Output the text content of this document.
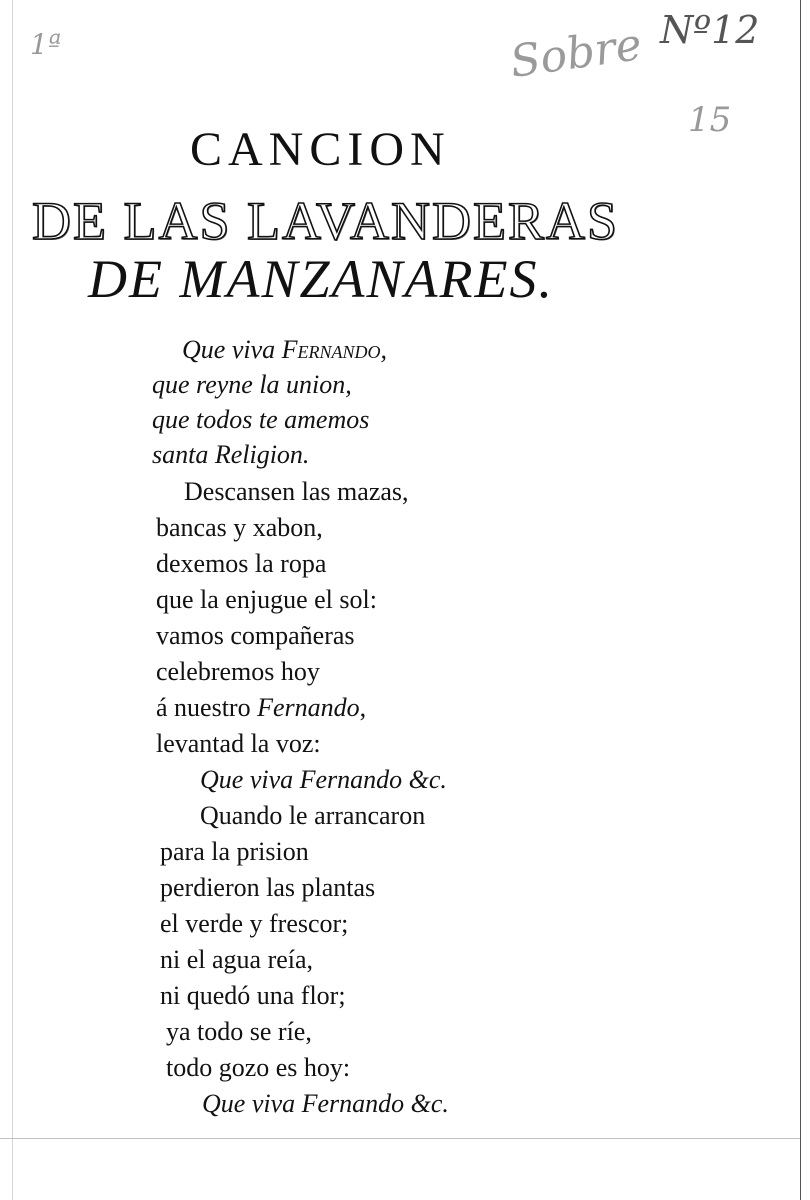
1ª	Sobre Nº12
15
CANCION
DE LAS LAVANDERAS
DE MANZANARES.
Que viva Fernando,
que reyne la union,
que todos te amemos
santa Religion.
Descansen las mazas,
bancas y xabon,
dexemos la ropa
que la enjugue el sol:
vamos compañeras
celebremos hoy
á nuestro Fernando,
levantad la voz:
Que viva Fernando &c.
Quando le arrancaron
para la prision
perdieron las plantas
el verde y frescor;
ni el agua reía,
ni quedó una flor;
ya todo se ríe,
todo gozo es hoy:
Que viva Fernando &c.
